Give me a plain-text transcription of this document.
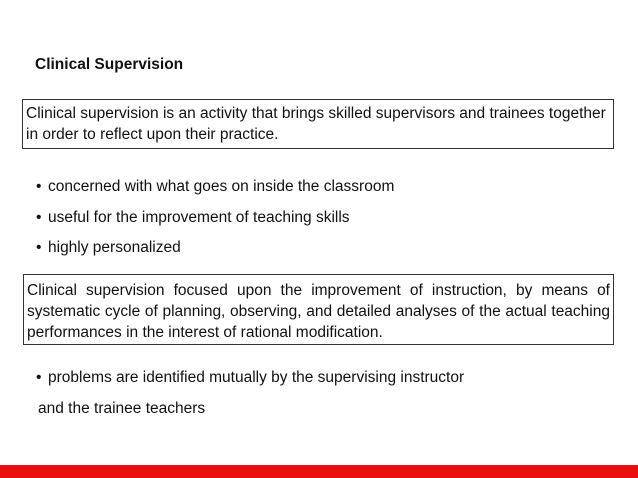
Clinical Supervision
Clinical supervision is an activity that brings skilled supervisors and trainees together in order to reflect upon their practice.
• concerned with what goes on inside the classroom
• useful for the improvement of teaching skills
• highly personalized
Clinical supervision focused upon the improvement of instruction, by means of systematic cycle of planning, observing, and detailed analyses of the actual teaching performances in the interest of rational modification.
• problems are identified mutually by the supervising instructor
and the trainee teachers
